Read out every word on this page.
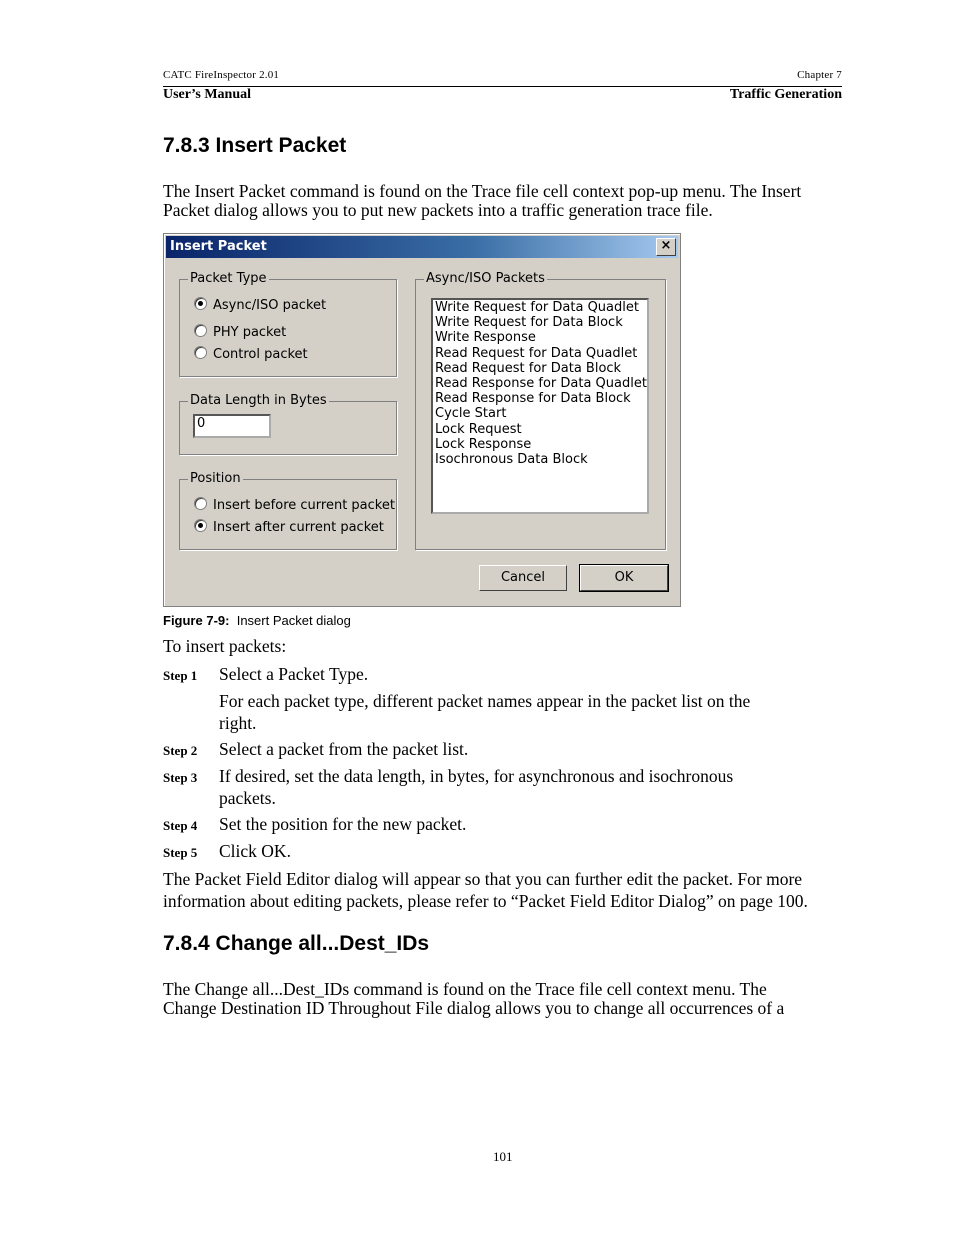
CATC FireInspector 2.01	Chapter 7
User’s Manual	Traffic Generation
7.8.3 Insert Packet
The Insert Packet command is found on the Trace file cell context pop-up menu. The Insert
Packet dialog allows you to put new packets into a traffic generation trace file.
Insert Packet	×
Packet Type
Async/ISO packet
PHY packet
Control packet
Data Length in Bytes
0
Position
Insert before current packet
Insert after current packet
Async/ISO Packets
Write Request for Data Quadlet
Write Request for Data Block
Write Response
Read Request for Data Quadlet
Read Request for Data Block
Read Response for Data Quadlet
Read Response for Data Block
Cycle Start
Lock Request
Lock Response
Isochronous Data Block
Cancel	OK
Figure 7-9: Insert Packet dialog
To insert packets:
Step 1 Select a Packet Type.
For each packet type, different packet names appear in the packet list on the
right.
Step 2 Select a packet from the packet list.
Step 3 If desired, set the data length, in bytes, for asynchronous and isochronous
packets.
Step 4 Set the position for the new packet.
Step 5 Click OK.
The Packet Field Editor dialog will appear so that you can further edit the packet. For more
information about editing packets, please refer to “Packet Field Editor Dialog” on page 100.
7.8.4 Change all...Dest_IDs
The Change all...Dest_IDs command is found on the Trace file cell context menu. The
Change Destination ID Throughout File dialog allows you to change all occurrences of a
101
